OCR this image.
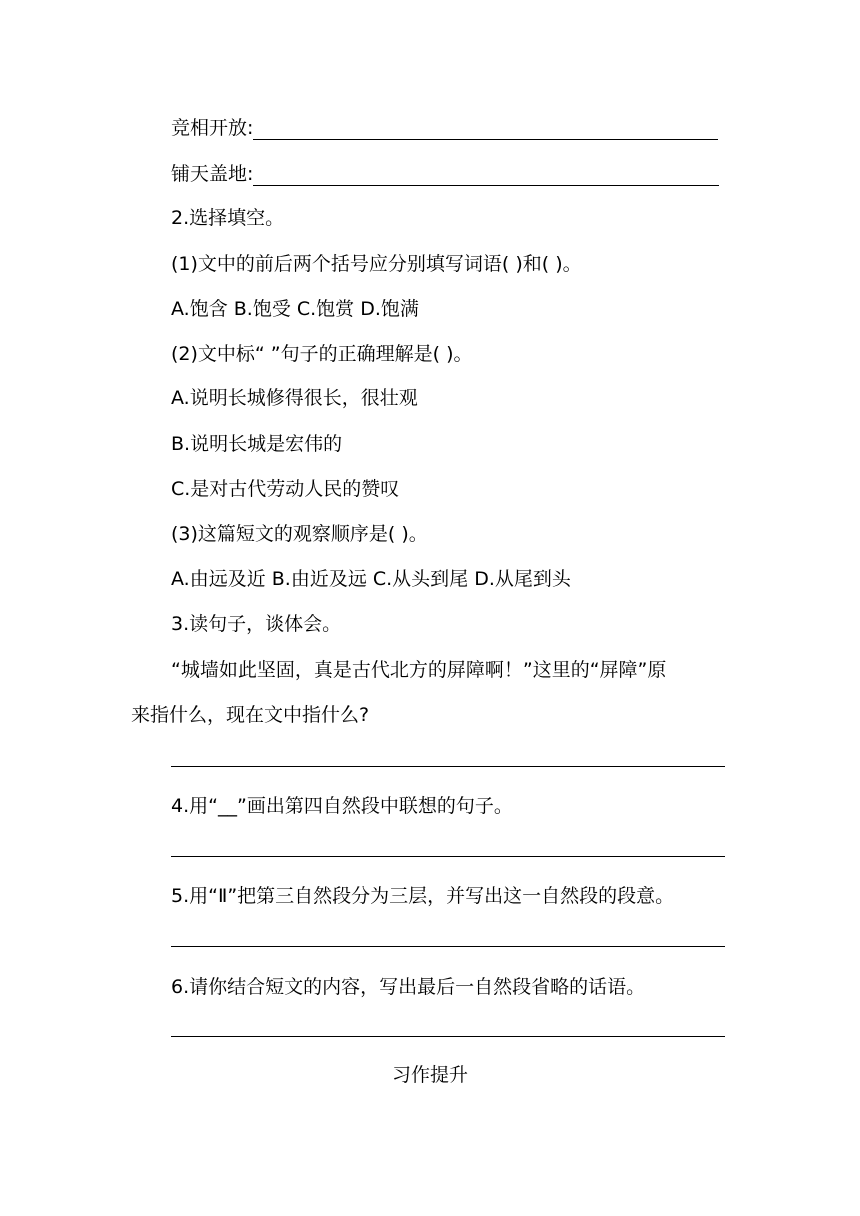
竞相开放:
铺天盖地:
2.选择填空。
(1)文中的前后两个括号应分别填写词语( )和( )。
A.饱含 B.饱受 C.饱赏 D.饱满
(2)文中标“ ”句子的正确理解是( )。
A.说明长城修得很长，很壮观
B.说明长城是宏伟的
C.是对古代劳动人民的赞叹
(3)这篇短文的观察顺序是( )。
A.由远及近 B.由近及远 C.从头到尾 D.从尾到头
3.读句子，谈体会。
“城墙如此坚固，真是古代北方的屏障啊！”这里的“屏障”原
来指什么，现在文中指什么?
4.用“__”画出第四自然段中联想的句子。
5.用“Ⅱ”把第三自然段分为三层，并写出这一自然段的段意。
6.请你结合短文的内容，写出最后一自然段省略的话语。
习作提升
